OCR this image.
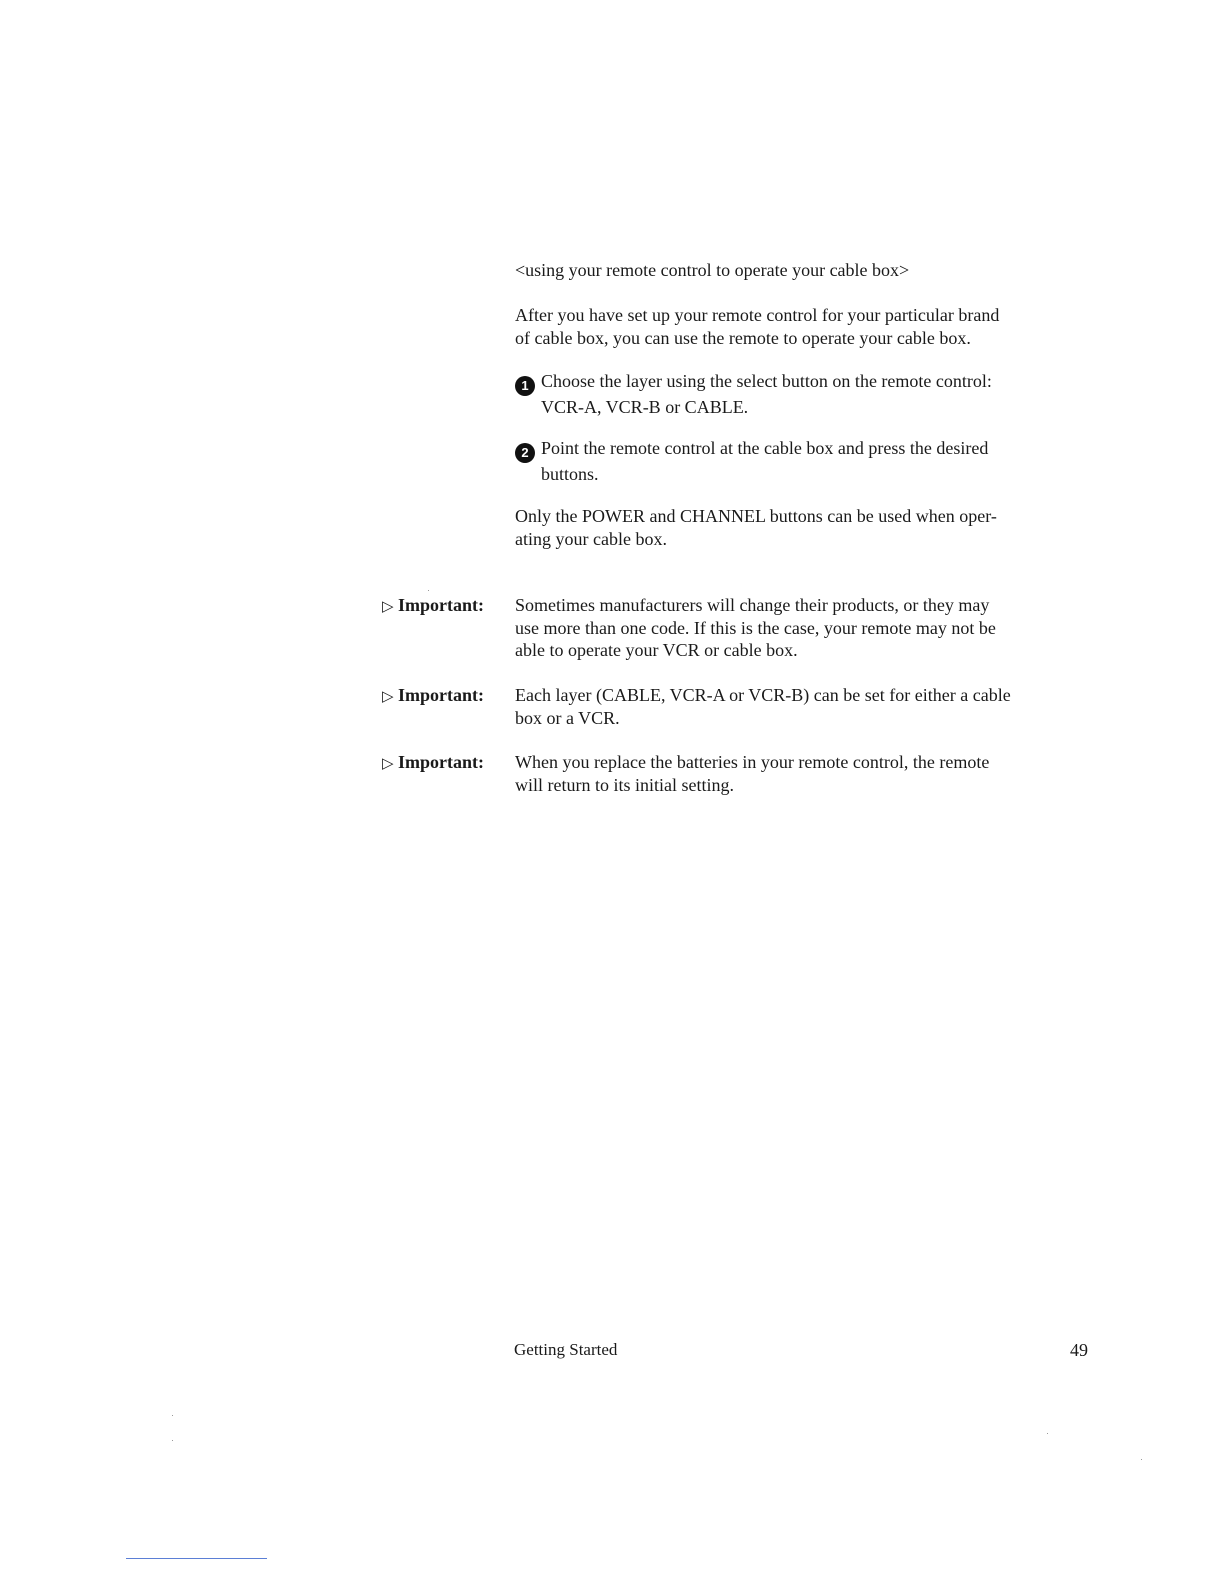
<using your remote control to operate your cable box>
After you have set up your remote control for your particular brand
of cable box, you can use the remote to operate your cable box.
1 Choose the layer using the select button on the remote control:
VCR-A, VCR-B or CABLE.
2 Point the remote control at the cable box and press the desired
buttons.
Only the POWER and CHANNEL buttons can be used when oper-
ating your cable box.
▷ Important:	Sometimes manufacturers will change their products, or they may
use more than one code. If this is the case, your remote may not be
able to operate your VCR or cable box.
▷ Important:	Each layer (CABLE, VCR-A or VCR-B) can be set for either a cable
box or a VCR.
▷ Important:	When you replace the batteries in your remote control, the remote
will return to its initial setting.
Getting Started	49
